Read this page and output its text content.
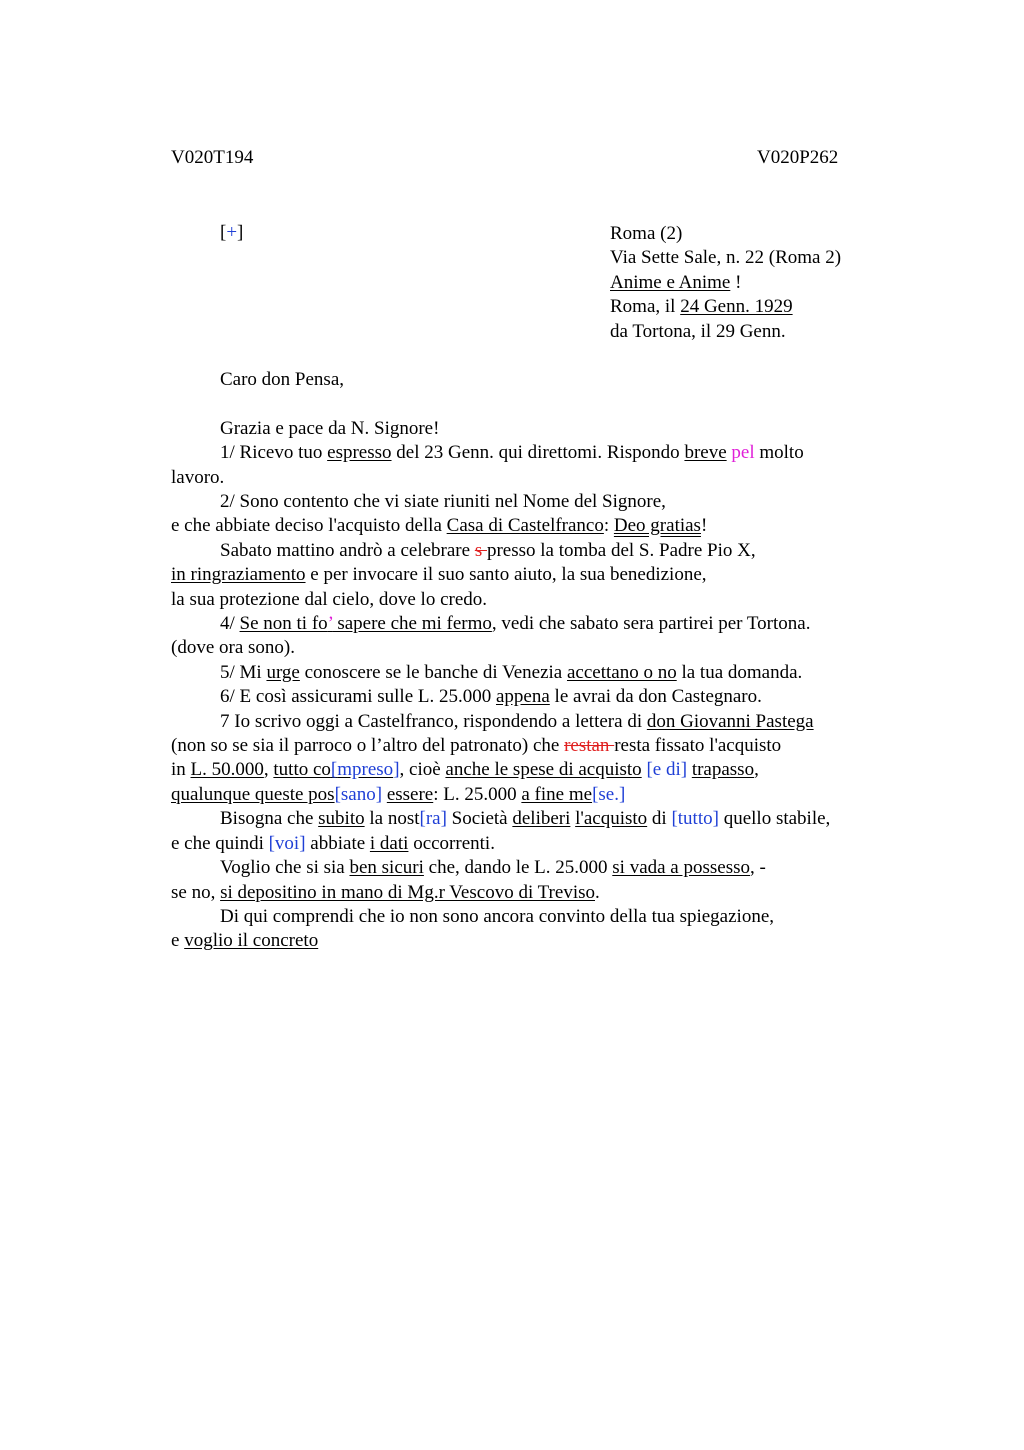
V020T194	V020P262
[+]	Roma (2)
Via Sette Sale, n. 22 (Roma 2)
Anime e Anime !
Roma, il 24 Genn. 1929
da Tortona, il 29 Genn.
Caro don Pensa,
Grazia e pace da N. Signore!
1/ Ricevo tuo espresso del 23 Genn. qui direttomi. Rispondo breve pel molto
lavoro.
2/ Sono contento che vi siate riuniti nel Nome del Signore,
e che abbiate deciso l'acquisto della Casa di Castelfranco: Deo gratias!
Sabato mattino andrò a celebrare s presso la tomba del S. Padre Pio X,
in ringraziamento e per invocare il suo santo aiuto, la sua benedizione,
la sua protezione dal cielo, dove lo credo.
4/ Se non ti fo’ sapere che mi fermo, vedi che sabato sera partirei per Tortona.
(dove ora sono).
5/ Mi urge conoscere se le banche di Venezia accettano o no la tua domanda.
6/ E così assicurami sulle L. 25.000 appena le avrai da don Castegnaro.
7 Io scrivo oggi a Castelfranco, rispondendo a lettera di don Giovanni Pastega
(non so se sia il parroco o l’altro del patronato) che restan resta fissato l'acquisto
in L. 50.000, tutto co[mpreso], cioè anche le spese di acquisto [e di] trapasso,
qualunque queste pos[sano] essere: L. 25.000 a fine me[se.]
Bisogna che subito la nost[ra] Società deliberi l'acquisto di [tutto] quello stabile,
e che quindi [voi] abbiate i dati occorrenti.
Voglio che si sia ben sicuri che, dando le L. 25.000 si vada a possesso, -
se no, si depositino in mano di Mg.r Vescovo di Treviso.
Di qui comprendi che io non sono ancora convinto della tua spiegazione,
e voglio il concreto
